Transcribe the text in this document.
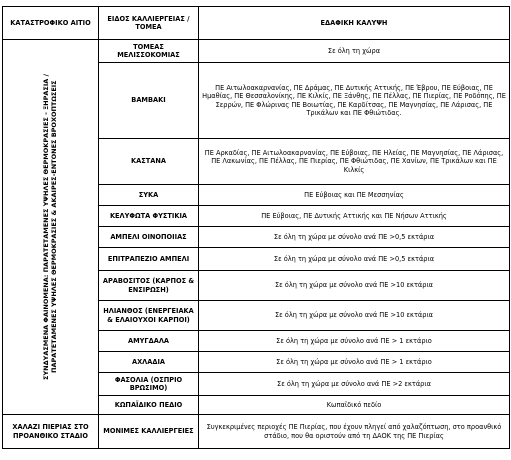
ΚΑΤΑΣΤΡΟΦΙΚΟ ΑΙΤΙΟ	ΕΙΔΟΣ ΚΑΛΛΙΕΡΓΕΙΑΣ / ΤΟΜΕΑ	ΕΔΑΦΙΚΗ ΚΑΛΥΨΗ

ΣΥΝΔΥΑΣΜΕΝΑ ΦΑΙΝΟΜΕΝΑ: ΠΑΡΑΤΕΤΑΜΕΝΕΣ ΥΨΗΛΕΣ ΘΕΡΜΟΚΡΑΣΙΕΣ - ΞΗΡΑΣΙΑ / ΠΑΡΑΤΕΤΑΜΕΝΕΣ ΥΨΗΛΕΣ ΘΕΡΜΟΚΡΑΣΙΕΣ & ΑΚΑΙΡΕΣ-ΕΝΤΟΝΕΣ ΒΡΟΧΟΠΤΩΣΕΙΣ	ΤΟΜΕΑΣ ΜΕΛΙΣΣΟΚΟΜΙΑΣ	Σε όλη τη χώρα
	ΒΑΜΒΑΚΙ	ΠΕ Αιτωλοακαρνανίας, ΠΕ Δράμας, ΠΕ Δυτικής Αττικής, ΠΕ Έβρου, ΠΕ Εύβοιας, ΠΕ Ημαθίας, ΠΕ Θεσσαλονίκης, ΠΕ Κιλκίς, ΠΕ Ξάνθης, ΠΕ Πέλλας, ΠΕ Πιερίας, ΠΕ Ροδόπης, ΠΕ Σερρών, ΠΕ Φλώρινας ΠΕ Βοιωτίας, ΠΕ Καρδίτσας, ΠΕ Μαγνησίας, ΠΕ Λάρισας, ΠΕ Τρικάλων και ΠΕ Φθιώτιδας.
	ΚΑΣΤΑΝΑ	ΠΕ Αρκαδίας, ΠΕ Αιτωλοακαρνανίας, ΠΕ Εύβοιας, ΠΕ Ηλείας, ΠΕ Μαγνησίας, ΠΕ Λάρισας, ΠΕ Λακωνίας, ΠΕ Πέλλας, ΠΕ Πιερίας, ΠΕ Φθιώτιδας, ΠΕ Χανίων, ΠΕ Τρικάλων και ΠΕ Κιλκίς
	ΣΥΚΑ	ΠΕ Εύβοιας και ΠΕ Μεσσηνίας
	ΚΕΛΥΦΩΤΑ ΦΥΣΤΙΚΙΑ	ΠΕ Εύβοιας, ΠΕ Δυτικής Αττικής και ΠΕ Νήσων Αττικής
	ΑΜΠΕΛΙ ΟΙΝΟΠΟΙΙΑΣ	Σε όλη τη χώρα με σύνολο ανά ΠΕ >0,5 εκτάρια
	ΕΠΙΤΡΑΠΕΖΙΟ ΑΜΠΕΛΙ	Σε όλη τη χώρα με σύνολο ανά ΠΕ >0,5 εκτάρια
	ΑΡΑΒΟΣΙΤΟΣ (ΚΑΡΠΟΣ & ΕΝΣΙΡΩΣΗ)	Σε όλη τη χώρα με σύνολο ανά ΠΕ >10 εκτάρια
	ΗΛΙΑΝΘΟΣ (ΕΝΕΡΓΕΙΑΚΑ & ΕΛΑΙΟΥΧΟΙ ΚΑΡΠΟΙ)	Σε όλη τη χώρα με σύνολο ανά ΠΕ >10 εκτάρια
	ΑΜΥΓΔΑΛΑ	Σε όλη τη χώρα με σύνολο ανά ΠΕ > 1 εκτάριο
	ΑΧΛΑΔΙΑ	Σε όλη τη χώρα με σύνολο ανά ΠΕ > 1 εκτάριο
	ΦΑΣΟΛΙΑ (ΟΣΠΡΙΟ ΒΡΩΣΙΜΟ)	Σε όλη τη χώρα με σύνολο ανά ΠΕ >2 εκτάρια
	ΚΩΠΑΪΔΙΚΟ ΠΕΔΙΟ	Κωπαϊδικό πεδίο
ΧΑΛΑΖΙ ΠΙΕΡΙΑΣ ΣΤΟ ΠΡΟΑΝΘΙΚΟ ΣΤΑΔΙΟ	ΜΟΝΙΜΕΣ ΚΑΛΛΙΕΡΓΕΙΕΣ	Συγκεκριμένες περιοχές ΠΕ Πιερίας, που έχουν πληγεί από χαλαζόπτωση, στο προανθικό στάδιο, που θα οριστούν από τη ΔΑΟΚ της ΠΕ Πιερίας
